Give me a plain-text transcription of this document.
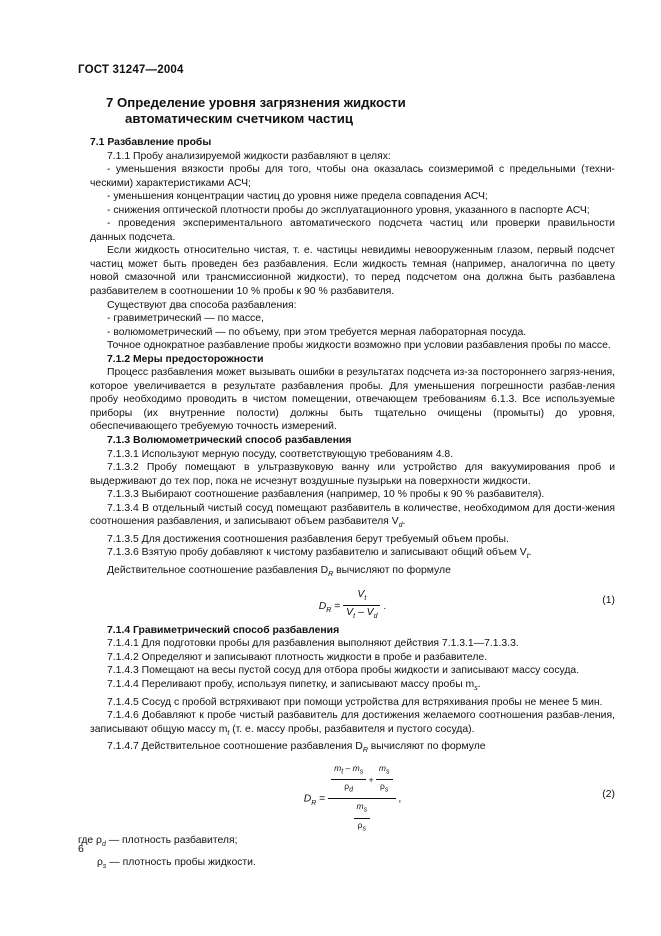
ГОСТ 31247—2004
7 Определение уровня загрязнения жидкости
автоматическим счетчиком частиц

7.1 Разбавление пробы

7.1.1 Пробу анализируемой жидкости разбавляют в целях:

- уменьшения вязкости пробы для того, чтобы она оказалась соизмеримой с предельными (техни-ческими) характеристиками АСЧ;

- уменьшения концентрации частиц до уровня ниже предела совпадения АСЧ;

- снижения оптической плотности пробы до эксплуатационного уровня, указанного в паспорте АСЧ;

- проведения экспериментального автоматического подсчета частиц или проверки правильности данных подсчета.

Если жидкость относительно чистая, т. е. частицы невидимы невооруженным глазом, первый подсчет частиц может быть проведен без разбавления. Если жидкость темная (например, аналогична по цвету новой смазочной или трансмиссионной жидкости), то перед подсчетом она должна быть разбавлена разбавителем в соотношении 10 % пробы к 90 % разбавителя.

Существуют два способа разбавления:

- гравиметрический — по массе,

- волюмометрический — по объему, при этом требуется мерная лабораторная посуда.

Точное однократное разбавление пробы жидкости возможно при условии разбавления пробы по массе.

7.1.2 Меры предосторожности

Процесс разбавления может вызывать ошибки в результатах подсчета из-за постороннего загряз-нения, которое увеличивается в результате разбавления пробы. Для уменьшения погрешности разбав-ления пробу необходимо проводить в чистом помещении, отвечающем требованиям 6.1.3. Все используемые приборы (их внутренние полости) должны быть тщательно очищены (промыты) до уровня, обеспечивающего требуемую точность измерений.

7.1.3 Волюмометрический способ разбавления

7.1.3.1 Используют мерную посуду, соответствующую требованиям 4.8.

7.1.3.2 Пробу помещают в ультразвуковую ванну или устройство для вакуумирования проб и выдерживают до тех пор, пока не исчезнут воздушные пузырьки на поверхности жидкости.

7.1.3.3 Выбирают соотношение разбавления (например, 10 % пробы к 90 % разбавителя).

7.1.3.4 В отдельный чистый сосуд помещают разбавитель в количестве, необходимом для дости-жения соотношения разбавления, и записывают объем разбавителя $V_d$.

7.1.3.5 Для достижения соотношения разбавления берут требуемый объем пробы.

7.1.3.6 Взятую пробу добавляют к чистому разбавителю и записывают общий объем $V_t$.

Действительное соотношение разбавления $D_R$ вычисляют по формуле

$D_R = \frac{V_t}{V_t - V_d}$ .
(1)

7.1.4 Гравиметрический способ разбавления

7.1.4.1 Для подготовки пробы для разбавления выполняют действия 7.1.3.1—7.1.3.3.

7.1.4.2 Определяют и записывают плотность жидкости в пробе и разбавителе.

7.1.4.3 Помещают на весы пустой сосуд для отбора пробы жидкости и записывают массу сосуда.

7.1.4.4 Переливают пробу, используя пипетку, и записывают массу пробы $m_s$.

7.1.4.5 Сосуд с пробой встряхивают при помощи устройства для встряхивания пробы не менее 5 мин.

7.1.4.6 Добавляют к пробе чистый разбавитель для достижения желаемого соотношения разбав-ления, записывают общую массу $m_t$ (т. е. массу пробы, разбавителя и пустого сосуда).

7.1.4.7 Действительное соотношение разбавления $D_R$ вычисляют по формуле

$D_R$ =
$\frac{m_t - m_s}{\rho_d} + \frac{m_s}{\rho_s}$
$\frac{m_s}{\rho_s}$
,	(2)

где $\rho_d$ — плотность разбавителя;

$\rho_s$ — плотность пробы жидкости.

6
